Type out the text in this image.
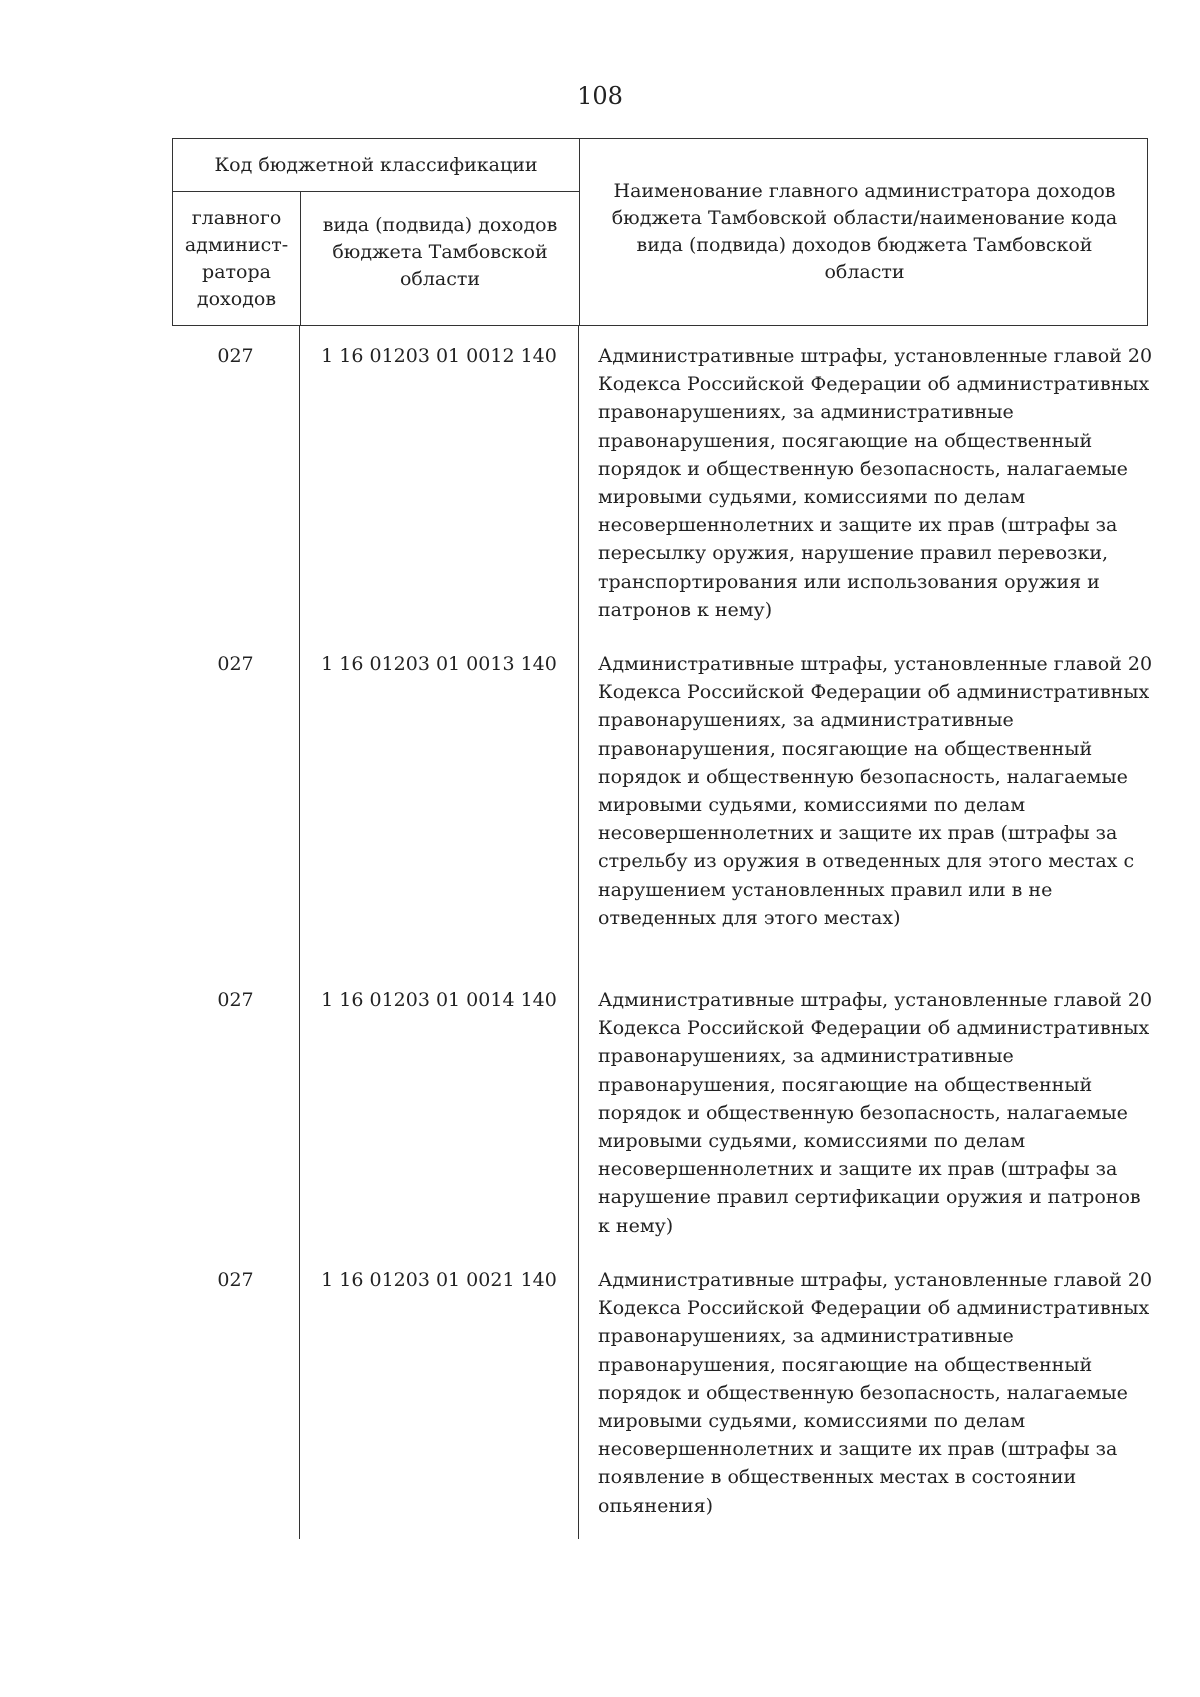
108
Код бюджетной классификации
главного админист-ратора доходов
вида (подвида) доходов бюджета Тамбовской области
Наименование главного администратора доходов бюджета Тамбовской области/наименование кода вида (подвида) доходов бюджета Тамбовской области
027	1 16 01203 01 0012 140	Административные штрафы, установленные главой 20 Кодекса Российской Федерации об административных правонарушениях, за административные правонарушения, посягающие на общественный порядок и общественную безопасность, налагаемые мировыми судьями, комиссиями по делам несовершеннолетних и защите их прав (штрафы за пересылку оружия, нарушение правил перевозки, транспортирования или использования оружия и патронов к нему)
027	1 16 01203 01 0013 140	Административные штрафы, установленные главой 20 Кодекса Российской Федерации об административных правонарушениях, за административные правонарушения, посягающие на общественный порядок и общественную безопасность, налагаемые мировыми судьями, комиссиями по делам несовершеннолетних и защите их прав (штрафы за стрельбу из оружия в отведенных для этого местах с нарушением установленных правил или в не отведенных для этого местах)
027	1 16 01203 01 0014 140	Административные штрафы, установленные главой 20 Кодекса Российской Федерации об административных правонарушениях, за административные правонарушения, посягающие на общественный порядок и общественную безопасность, налагаемые мировыми судьями, комиссиями по делам несовершеннолетних и защите их прав (штрафы за нарушение правил сертификации оружия и патронов к нему)
027	1 16 01203 01 0021 140	Административные штрафы, установленные главой 20 Кодекса Российской Федерации об административных правонарушениях, за административные правонарушения, посягающие на общественный порядок и общественную безопасность, налагаемые мировыми судьями, комиссиями по делам несовершеннолетних и защите их прав (штрафы за появление в общественных местах в состоянии опьянения)
